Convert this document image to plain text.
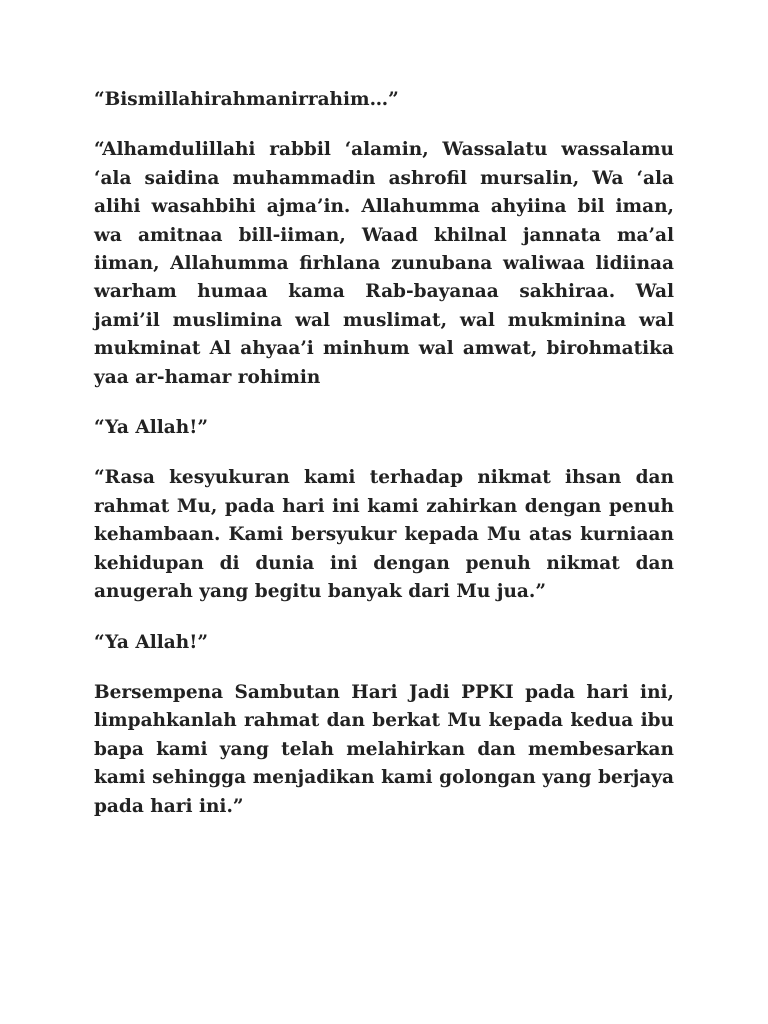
“Bismillahirahmanirrahim…”

“Alhamdulillahi rabbil ‘alamin, Wassalatu wassalamu ‘ala saidina muhammadin ashrofil mursalin, Wa ‘ala alihi wasahbihi ajma’in. Allahumma ahyiina bil iman, wa amitnaa bill-iiman, Waad khilnal jannata ma’al iiman, Allahumma firhlana zunubana waliwaa lidiinaa warham humaa kama Rab-bayanaa sakhiraa. Wal jami’il muslimina wal muslimat, wal mukminina wal mukminat Al ahyaa’i minhum wal amwat, birohmatika yaa ar-hamar rohimin

“Ya Allah!”

“Rasa kesyukuran kami terhadap nikmat ihsan dan rahmat Mu, pada hari ini kami zahirkan dengan penuh kehambaan. Kami bersyukur kepada Mu atas kurniaan kehidupan di dunia ini dengan penuh nikmat dan anugerah yang begitu banyak dari Mu jua.”

“Ya Allah!”

Bersempena Sambutan Hari Jadi PPKI pada hari ini, limpahkanlah rahmat dan berkat Mu kepada kedua ibu bapa kami yang telah melahirkan dan membesarkan kami sehingga menjadikan kami golongan yang berjaya pada hari ini.”
